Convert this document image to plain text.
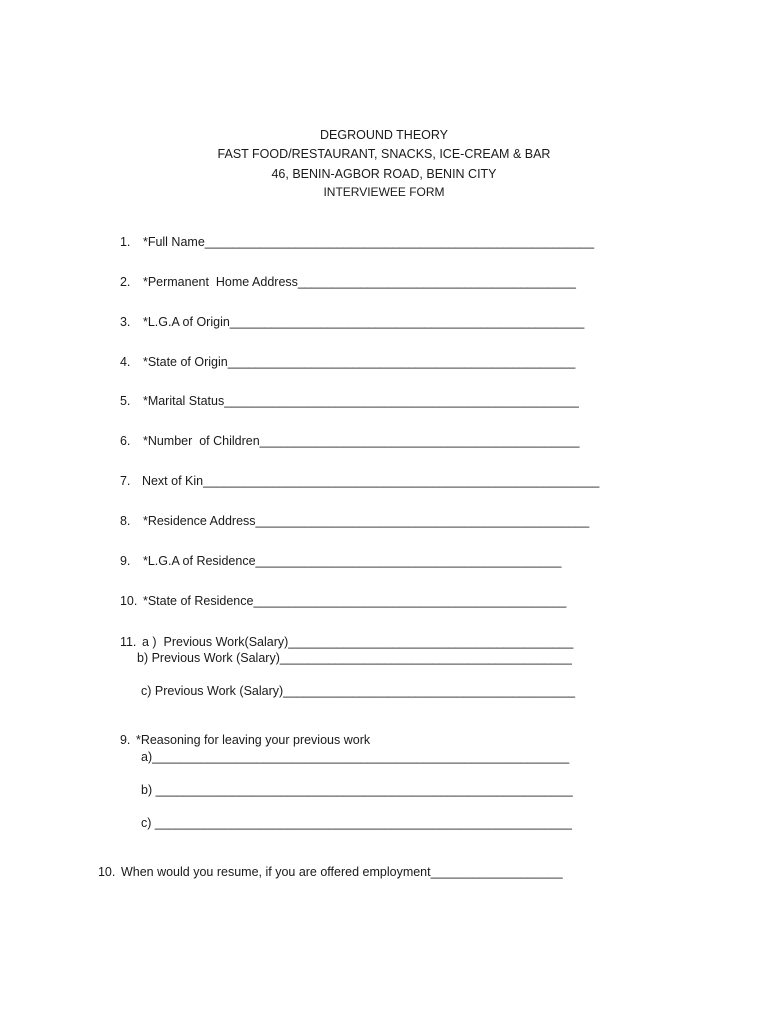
DEGROUND THEORY
FAST FOOD/RESTAURANT, SNACKS, ICE-CREAM & BAR
46, BENIN-AGBOR ROAD, BENIN CITY
INTERVIEWEE FORM

1. *Full Name________________________________________________________

2. *Permanent  Home Address________________________________________

3. *L.G.A of Origin___________________________________________________

4. *State of Origin__________________________________________________

5. *Marital Status___________________________________________________

6. *Number  of Children______________________________________________

7. Next of Kin_________________________________________________________

8. *Residence Address________________________________________________

9. *L.G.A of Residence____________________________________________

10. *State of Residence_____________________________________________

11. a )  Previous Work(Salary)_________________________________________

b) Previous Work (Salary)__________________________________________
c) Previous Work (Salary)__________________________________________

9. *Reasoning for leaving your previous work

a)____________________________________________________________
b) ____________________________________________________________
c) ____________________________________________________________

10. When would you resume, if you are offered employment___________________
